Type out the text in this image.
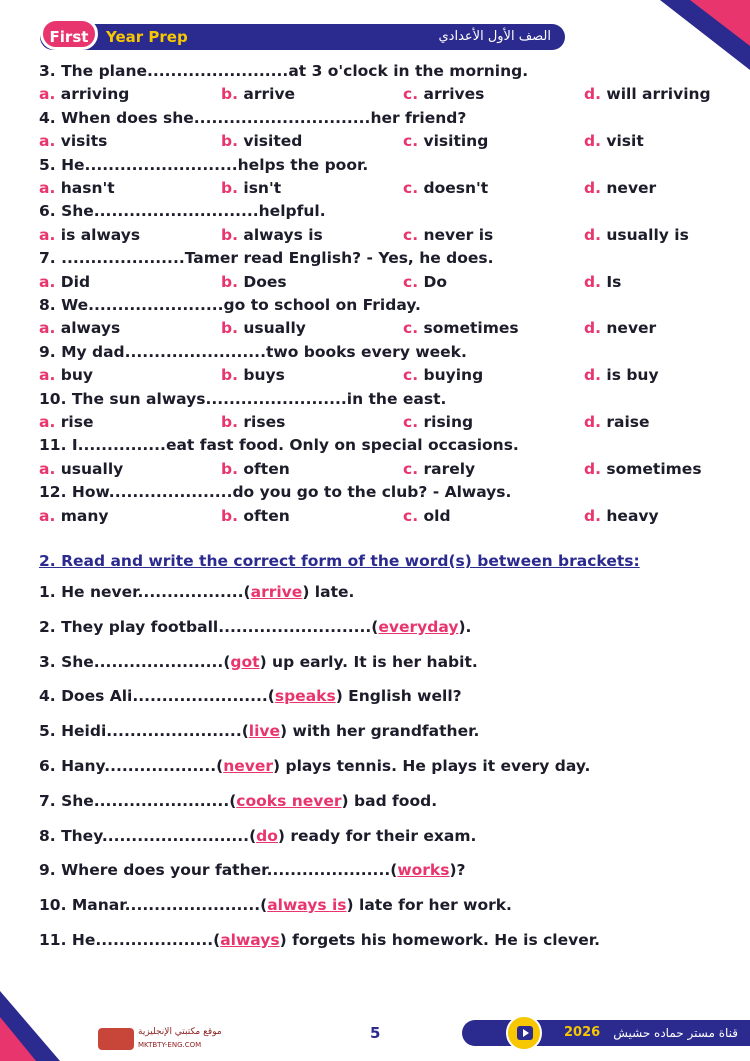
First	Year Prep	الصف الأول الأعدادي
3. The plane........................at 3 o'clock in the morning.
a. arriving	b. arrive	c. arrives	d. will arriving
4. When does she..............................her friend?
a. visits	b. visited	c. visiting	d. visit
5. He..........................helps the poor.
a. hasn't	b. isn't	c. doesn't	d. never
6. She............................helpful.
a. is always	b. always is	c. never is	d. usually is
7. .....................Tamer read English? - Yes, he does.
a. Did	b. Does	c. Do	d. Is
8. We.......................go to school on Friday.
a. always	b. usually	c. sometimes	d. never
9. My dad........................two books every week.
a. buy	b. buys	c. buying	d. is buy
10. The sun always........................in the east.
a. rise	b. rises	c. rising	d. raise
11. I...............eat fast food. Only on special occasions.
a. usually	b. often	c. rarely	d. sometimes
12. How.....................do you go to the club? - Always.
a. many	b. often	c. old	d. heavy
2. Read and write the correct form of the word(s) between brackets:
1. He never..................(arrive) late.
2. They play football..........................(everyday).
3. She......................(got) up early. It is her habit.
4. Does Ali.......................(speaks) English well?
5. Heidi.......................(live) with her grandfather.
6. Hany...................(never) plays tennis. He plays it every day.
7. She.......................(cooks never) bad food.
8. They.........................(do) ready for their exam.
9. Where does your father.....................(works)?
10. Manar.......................(always is) late for her work.
11. He....................(always) forgets his homework. He is clever.
موقع مكتبتي الإنجليزية
MKTBTY-ENG.COM
5	2026 قناة مستر حماده حشيش
